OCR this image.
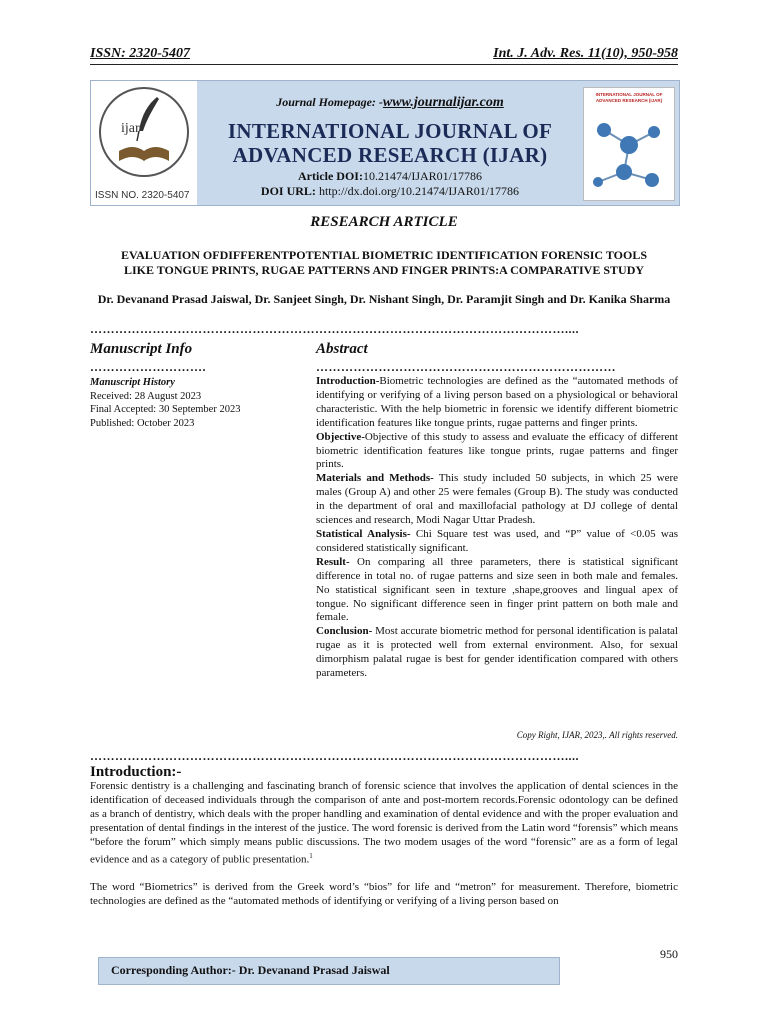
ISSN: 2320-5407	Int. J. Adv. Res. 11(10), 950-958
ijar
ISSN NO. 2320-5407
Journal Homepage: -www.journalijar.com
INTERNATIONAL JOURNAL OF
ADVANCED RESEARCH (IJAR)
Article DOI:10.21474/IJAR01/17786
DOI URL: http://dx.doi.org/10.21474/IJAR01/17786
INTERNATIONAL JOURNAL OF ADVANCED RESEARCH (IJAR)
RESEARCH ARTICLE
EVALUATION OFDIFFERENTPOTENTIAL BIOMETRIC IDENTIFICATION FORENSIC TOOLS
LIKE TONGUE PRINTS, RUGAE PATTERNS AND FINGER PRINTS:A COMPARATIVE STUDY
Dr. Devanand Prasad Jaiswal, Dr. Sanjeet Singh, Dr. Nishant Singh, Dr. Paramjit Singh and Dr. Kanika Sharma
……………………………………………………………………………………………………....
Manuscript Info
……………………….
Manuscript History
Received: 28 August 2023
Final Accepted: 30 September 2023
Published: October 2023
Abstract
………………………………………………………………

Introduction-Biometric technologies are defined as the “automated methods of identifying or verifying of a living person based on a physiological or behavioral characteristic. With the help biometric in forensic we identify different biometric identification features like tongue prints, rugae patterns and finger prints.

Objective-Objective of this study to assess and evaluate the efficacy of different biometric identification features like tongue prints, rugae patterns and finger prints.

Materials and Methods- This study included 50 subjects, in which 25 were males (Group A) and other 25 were females (Group B). The study was conducted in the department of oral and maxillofacial pathology at DJ college of dental sciences and research, Modi Nagar Uttar Pradesh.

Statistical Analysis- Chi Square test was used, and “P” value of <0.05 was considered statistically significant.

Result- On comparing all three parameters, there is statistical significant difference in total no. of rugae patterns and size seen in both male and females. No statistical significant seen in texture ,shape,grooves and lingual apex of tongue. No significant difference seen in finger print pattern on both male and female.

Conclusion- Most accurate biometric method for personal identification is palatal rugae as it is protected well from external environment. Also, for sexual dimorphism palatal rugae is best for gender identification compared with others parameters.

Copy Right, IJAR, 2023,. All rights reserved.
……………………………………………………………………………………………………....
Introduction:-

Forensic dentistry is a challenging and fascinating branch of forensic science that involves the application of dental sciences in the identification of deceased individuals through the comparison of ante and post-mortem records.Forensic odontology can be defined as a branch of dentistry, which deals with the proper handling and examination of dental evidence and with the proper evaluation and presentation of dental findings in the interest of the justice. The word forensic is derived from the Latin word “forensis” which means “before the forum” which simply means public discussions. The two modem usages of the word “forensic” are as a form of legal evidence and as a category of public presentation.$^1$

The word “Biometrics” is derived from the Greek word’s “bios” for life and “metron” for measurement. Therefore, biometric technologies are defined as the “automated methods of identifying or verifying of a living person based on

950
Corresponding Author:- Dr. Devanand Prasad Jaiswal
